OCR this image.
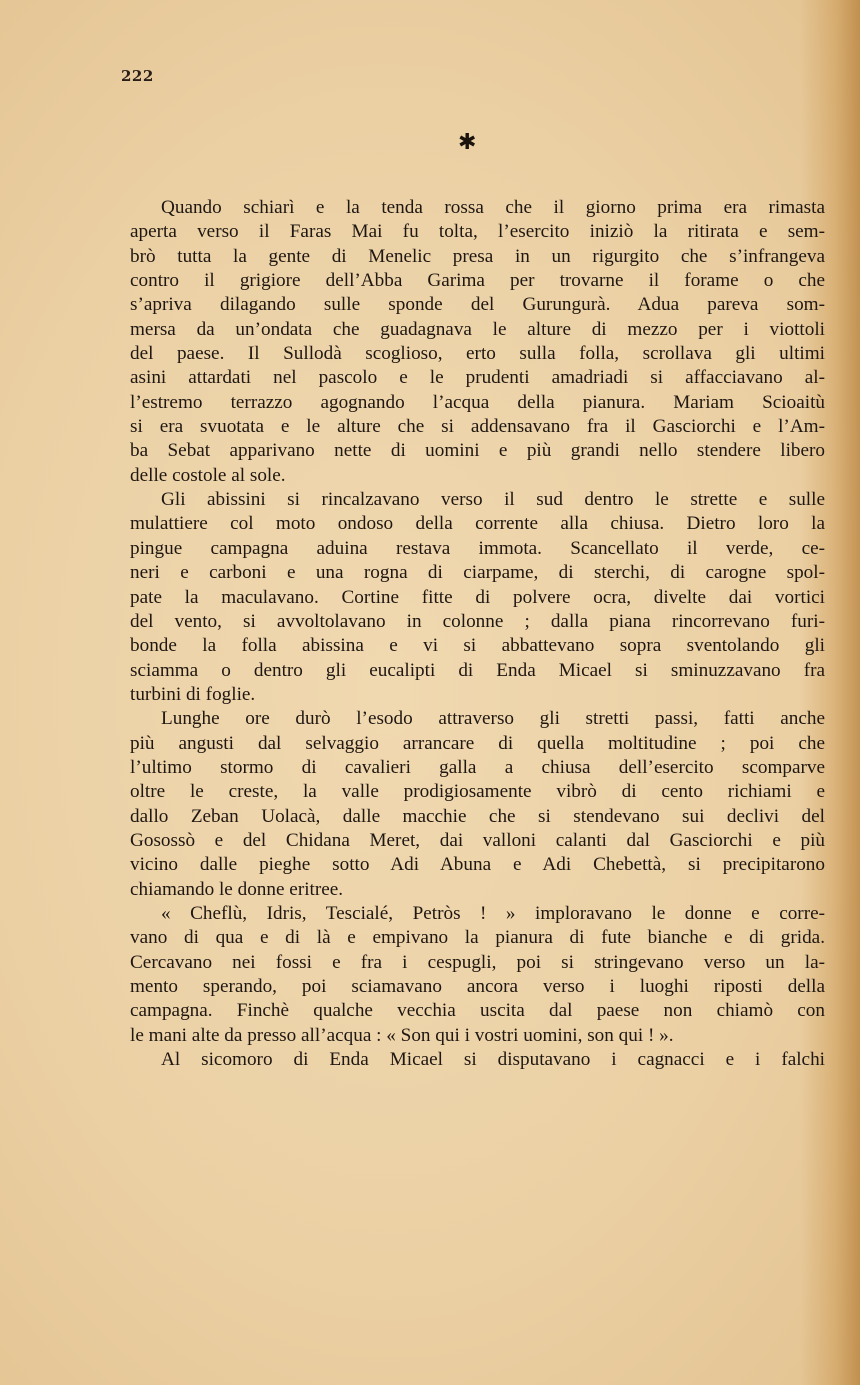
222
✱
Quando schiarì e la tenda rossa che il giorno prima era rimasta
aperta verso il Faras Mai fu tolta, l’esercito iniziò la ritirata e sem-
brò tutta la gente di Menelic presa in un rigurgito che s’infrangeva
contro il grigiore dell’Abba Garima per trovarne il forame o che
s’apriva dilagando sulle sponde del Gurungurà. Adua pareva som-
mersa da un’ondata che guadagnava le alture di mezzo per i viottoli
del paese. Il Sullodà scoglioso, erto sulla folla, scrollava gli ultimi
asini attardati nel pascolo e le prudenti amadriadi si affacciavano al-
l’estremo terrazzo agognando l’acqua della pianura. Mariam Scioaitù
si era svuotata e le alture che si addensavano fra il Gasciorchi e l’Am-
ba Sebat apparivano nette di uomini e più grandi nello stendere libero
delle costole al sole.
Gli abissini si rincalzavano verso il sud dentro le strette e sulle
mulattiere col moto ondoso della corrente alla chiusa. Dietro loro la
pingue campagna aduina restava immota. Scancellato il verde, ce-
neri e carboni e una rogna di ciarpame, di sterchi, di carogne spol-
pate la maculavano. Cortine fitte di polvere ocra, divelte dai vortici
del vento, si avvoltolavano in colonne ; dalla piana rincorrevano furi-
bonde la folla abissina e vi si abbattevano sopra sventolando gli
sciamma o dentro gli eucalipti di Enda Micael si sminuzzavano fra
turbini di foglie.
Lunghe ore durò l’esodo attraverso gli stretti passi, fatti anche
più angusti dal selvaggio arrancare di quella moltitudine ; poi che
l’ultimo stormo di cavalieri galla a chiusa dell’esercito scomparve
oltre le creste, la valle prodigiosamente vibrò di cento richiami e
dallo Zeban Uolacà, dalle macchie che si stendevano sui declivi del
Gosossò e del Chidana Meret, dai valloni calanti dal Gasciorchi e più
vicino dalle pieghe sotto Adi Abuna e Adi Chebettà, si precipitarono
chiamando le donne eritree.
« Cheflù, Idris, Tescialé, Petròs ! » imploravano le donne e corre-
vano di qua e di là e empivano la pianura di fute bianche e di grida.
Cercavano nei fossi e fra i cespugli, poi si stringevano verso un la-
mento sperando, poi sciamavano ancora verso i luoghi riposti della
campagna. Finchè qualche vecchia uscita dal paese non chiamò con
le mani alte da presso all’acqua : « Son qui i vostri uomini, son qui ! ».
Al sicomoro di Enda Micael si disputavano i cagnacci e i falchi
